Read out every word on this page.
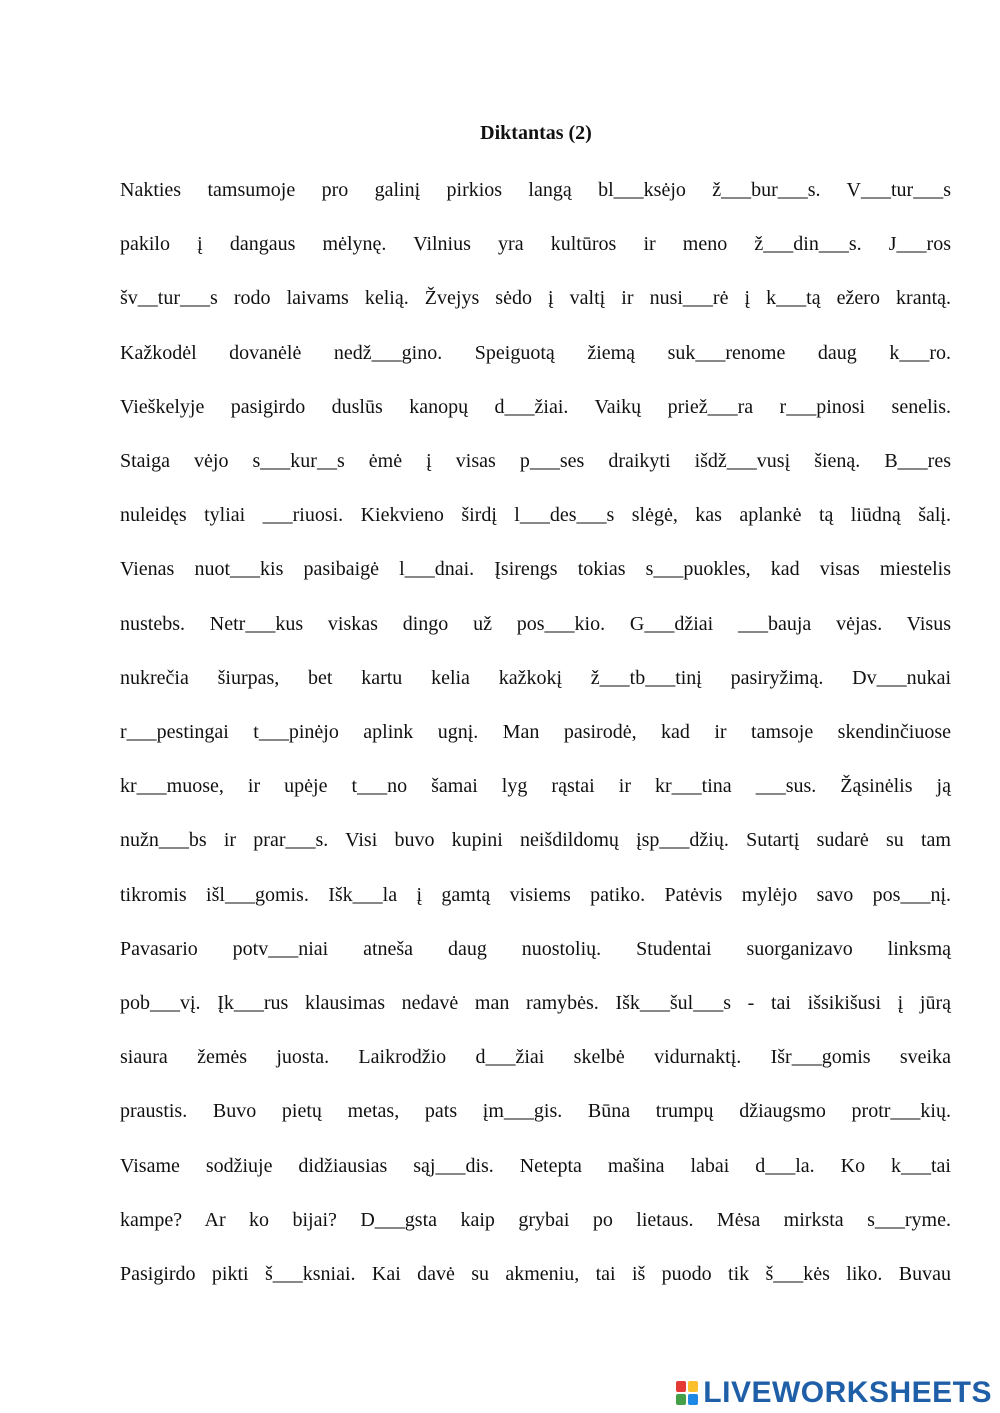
Diktantas (2)
Nakties tamsumoje pro galinį pirkios langą bl___ksėjo ž___bur___s. V___tur___s
pakilo į dangaus mėlynę. Vilnius yra kultūros ir meno ž___din___s. J___ros
šv__tur___s rodo laivams kelią. Žvejys sėdo į valtį ir nusi___rė į k___tą ežero krantą.
Kažkodėl dovanėlė nedž___gino. Speiguotą žiemą suk___renome daug k___ro.
Vieškelyje pasigirdo duslūs kanopų d___žiai. Vaikų priež___ra r___pinosi senelis.
Staiga vėjo s___kur__s ėmė į visas p___ses draikyti išdž___vusį šieną. B___res
nuleidęs tyliai ___riuosi. Kiekvieno širdį l___des___s slėgė, kas aplankė tą liūdną šalį.
Vienas nuot___kis pasibaigė l___dnai. Įsirengs tokias s___puokles, kad visas miestelis
nustebs. Netr___kus viskas dingo už pos___kio. G___džiai ___bauja vėjas. Visus
nukrečia šiurpas, bet kartu kelia kažkokį ž___tb___tinį pasiryžimą. Dv___nukai
r___pestingai t___pinėjo aplink ugnį. Man pasirodė, kad ir tamsoje skendinčiuose
kr___muose, ir upėje t___no šamai lyg rąstai ir kr___tina ___sus. Žąsinėlis ją
nužn___bs ir prar___s. Visi buvo kupini neišdildomų įsp___džių. Sutartį sudarė su tam
tikromis išl___gomis. Išk___la į gamtą visiems patiko. Patėvis mylėjo savo pos___nį.
Pavasario potv___niai atneša daug nuostolių. Studentai suorganizavo linksmą
pob___vį. Įk___rus klausimas nedavė man ramybės. Išk___šul___s - tai išsikišusi į jūrą
siaura žemės juosta. Laikrodžio d___žiai skelbė vidurnaktį. Išr___gomis sveika
praustis. Buvo pietų metas, pats įm___gis. Būna trumpų džiaugsmo protr___kių.
Visame sodžiuje didžiausias sąj___dis. Netepta mašina labai d___la. Ko k___tai
kampe? Ar ko bijai? D___gsta kaip grybai po lietaus. Mėsa mirksta s___ryme.
Pasigirdo pikti š___ksniai. Kai davė su akmeniu, tai iš puodo tik š___kės liko. Buvau
LIVEWORKSHEETS
